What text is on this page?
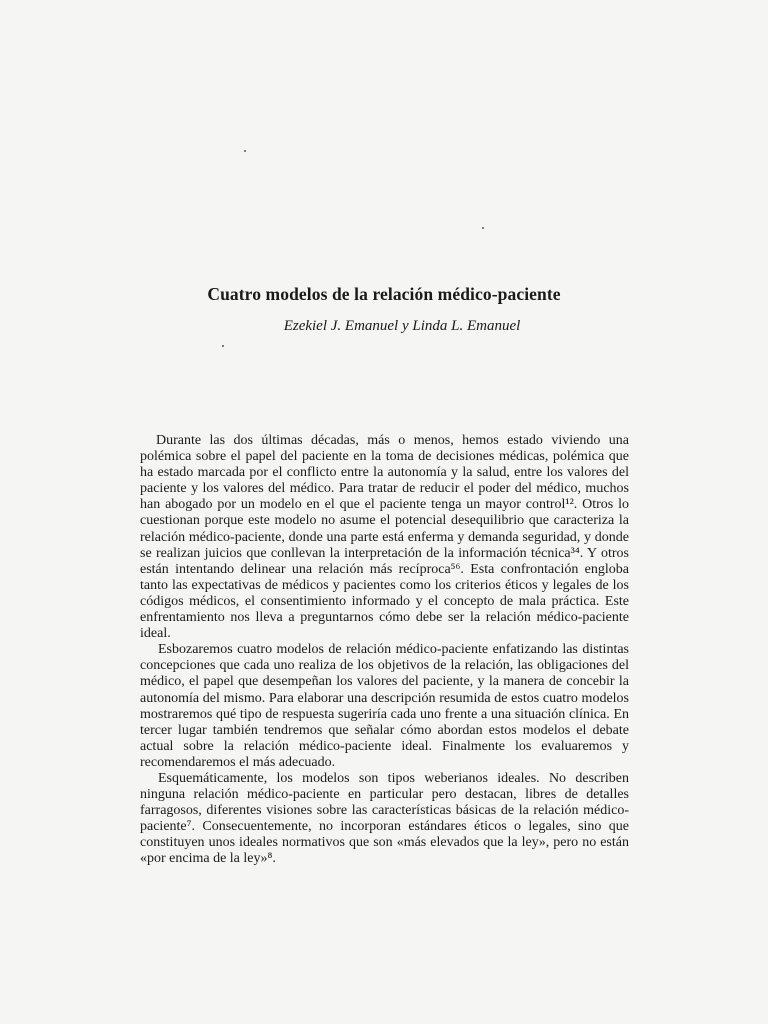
Cuatro modelos de la relación médico-paciente
Ezekiel J. Emanuel y Linda L. Emanuel

Durante las dos últimas décadas, más o menos, hemos estado viviendo una polémica sobre el papel del paciente en la toma de decisiones médicas, polémica que ha estado marcada por el conflicto entre la autonomía y la salud, entre los valores del paciente y los valores del médico. Para tratar de reducir el poder del médico, muchos han abogado por un modelo en el que el paciente tenga un mayor control¹². Otros lo cuestionan porque este modelo no asume el potencial desequilibrio que caracteriza la relación médico-paciente, donde una parte está enferma y demanda seguridad, y donde se realizan juicios que conllevan la interpretación de la información técnica³⁴. Y otros están intentando delinear una relación más recíproca⁵⁶. Esta confrontación engloba tanto las expectativas de médicos y pacientes como los criterios éticos y legales de los códigos médicos, el consentimiento informado y el concepto de mala práctica. Este enfrentamiento nos lleva a preguntarnos cómo debe ser la relación médico-paciente ideal.

Esbozaremos cuatro modelos de relación médico-paciente enfatizando las distintas concepciones que cada uno realiza de los objetivos de la relación, las obligaciones del médico, el papel que desempeñan los valores del paciente, y la manera de concebir la autonomía del mismo. Para elaborar una descripción resumida de estos cuatro modelos mostraremos qué tipo de respuesta sugeriría cada uno frente a una situación clínica. En tercer lugar también tendremos que señalar cómo abordan estos modelos el debate actual sobre la relación médico-paciente ideal. Finalmente los evaluaremos y recomendaremos el más adecuado.

Esquemáticamente, los modelos son tipos weberianos ideales. No describen ninguna relación médico-paciente en particular pero destacan, libres de detalles farragosos, diferentes visiones sobre las características básicas de la relación médico-paciente⁷. Consecuentemente, no incorporan estándares éticos o legales, sino que constituyen unos ideales normativos que son «más elevados que la ley», pero no están «por encima de la ley»⁸.
